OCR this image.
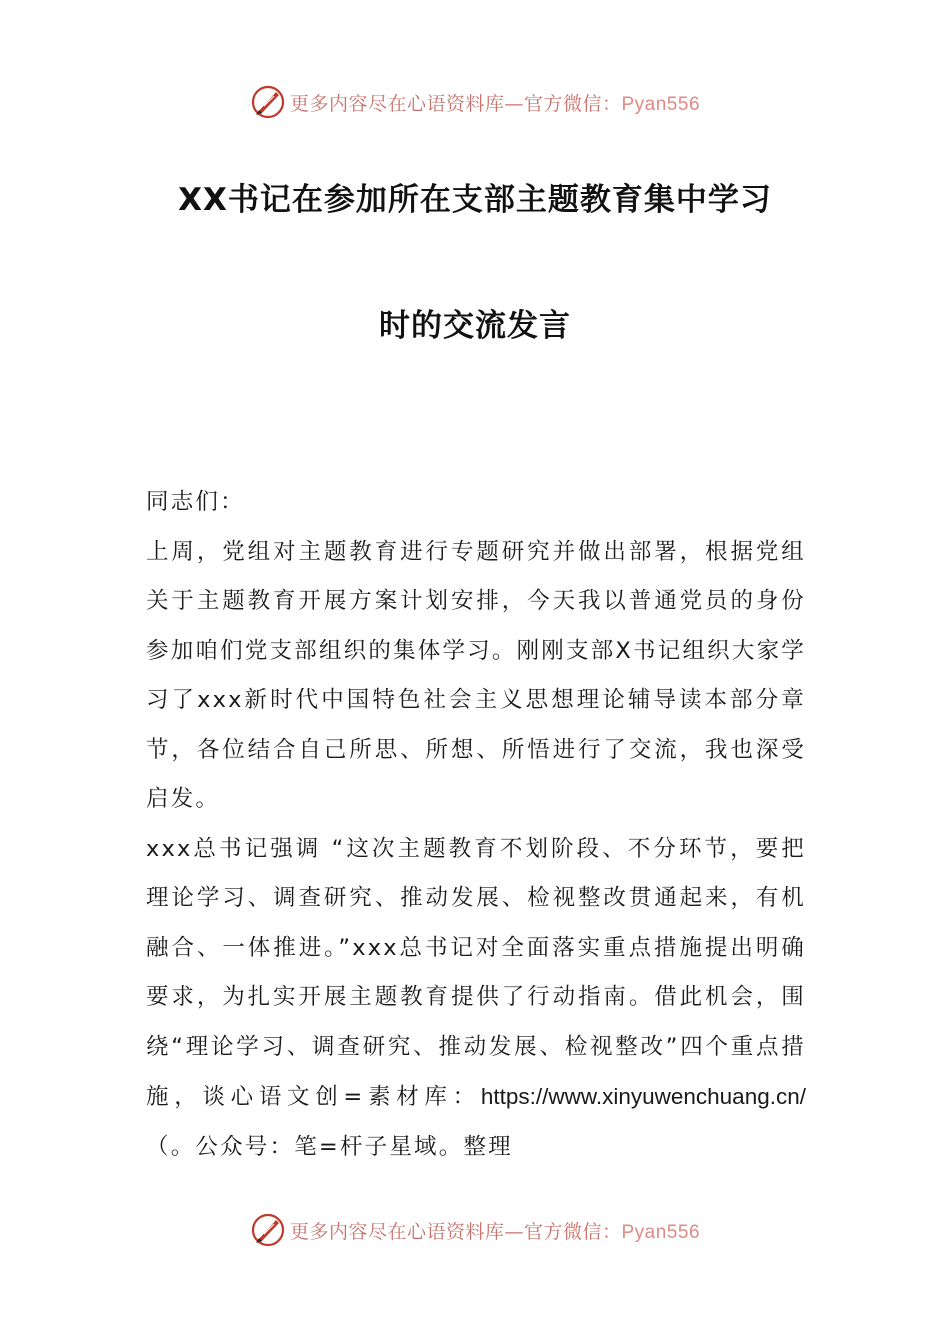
更多内容尽在心语资料库—官方微信：Pyan556
XX书记在参加所在支部主题教育集中学习
时的交流发言

同志们：

上周，党组对主题教育进行专题研究并做出部署，根据党组关于主题教育开展方案计划安排，今天我以普通党员的身份参加咱们党支部组织的集体学习。刚刚支部X书记组织大家学习了xxx新时代中国特色社会主义思想理论辅导读本部分章节，各位结合自己所思、所想、所悟进行了交流，我也深受启发。

xxx总书记强调 “这次主题教育不划阶段、不分环节，要把理论学习、调查研究、推动发展、检视整改贯通起来，有机融合、一体推进。”xxx总书记对全面落实重点措施提出明确要求，为扎实开展主题教育提供了行动指南。借此机会，围绕“理论学习、调查研究、推动发展、检视整改”四个重点措施，谈心语文创=素材库：https://www.xinyuwenchuang.cn/（。公众号：笔=杆子星域。整理

更多内容尽在心语资料库—官方微信：Pyan556
